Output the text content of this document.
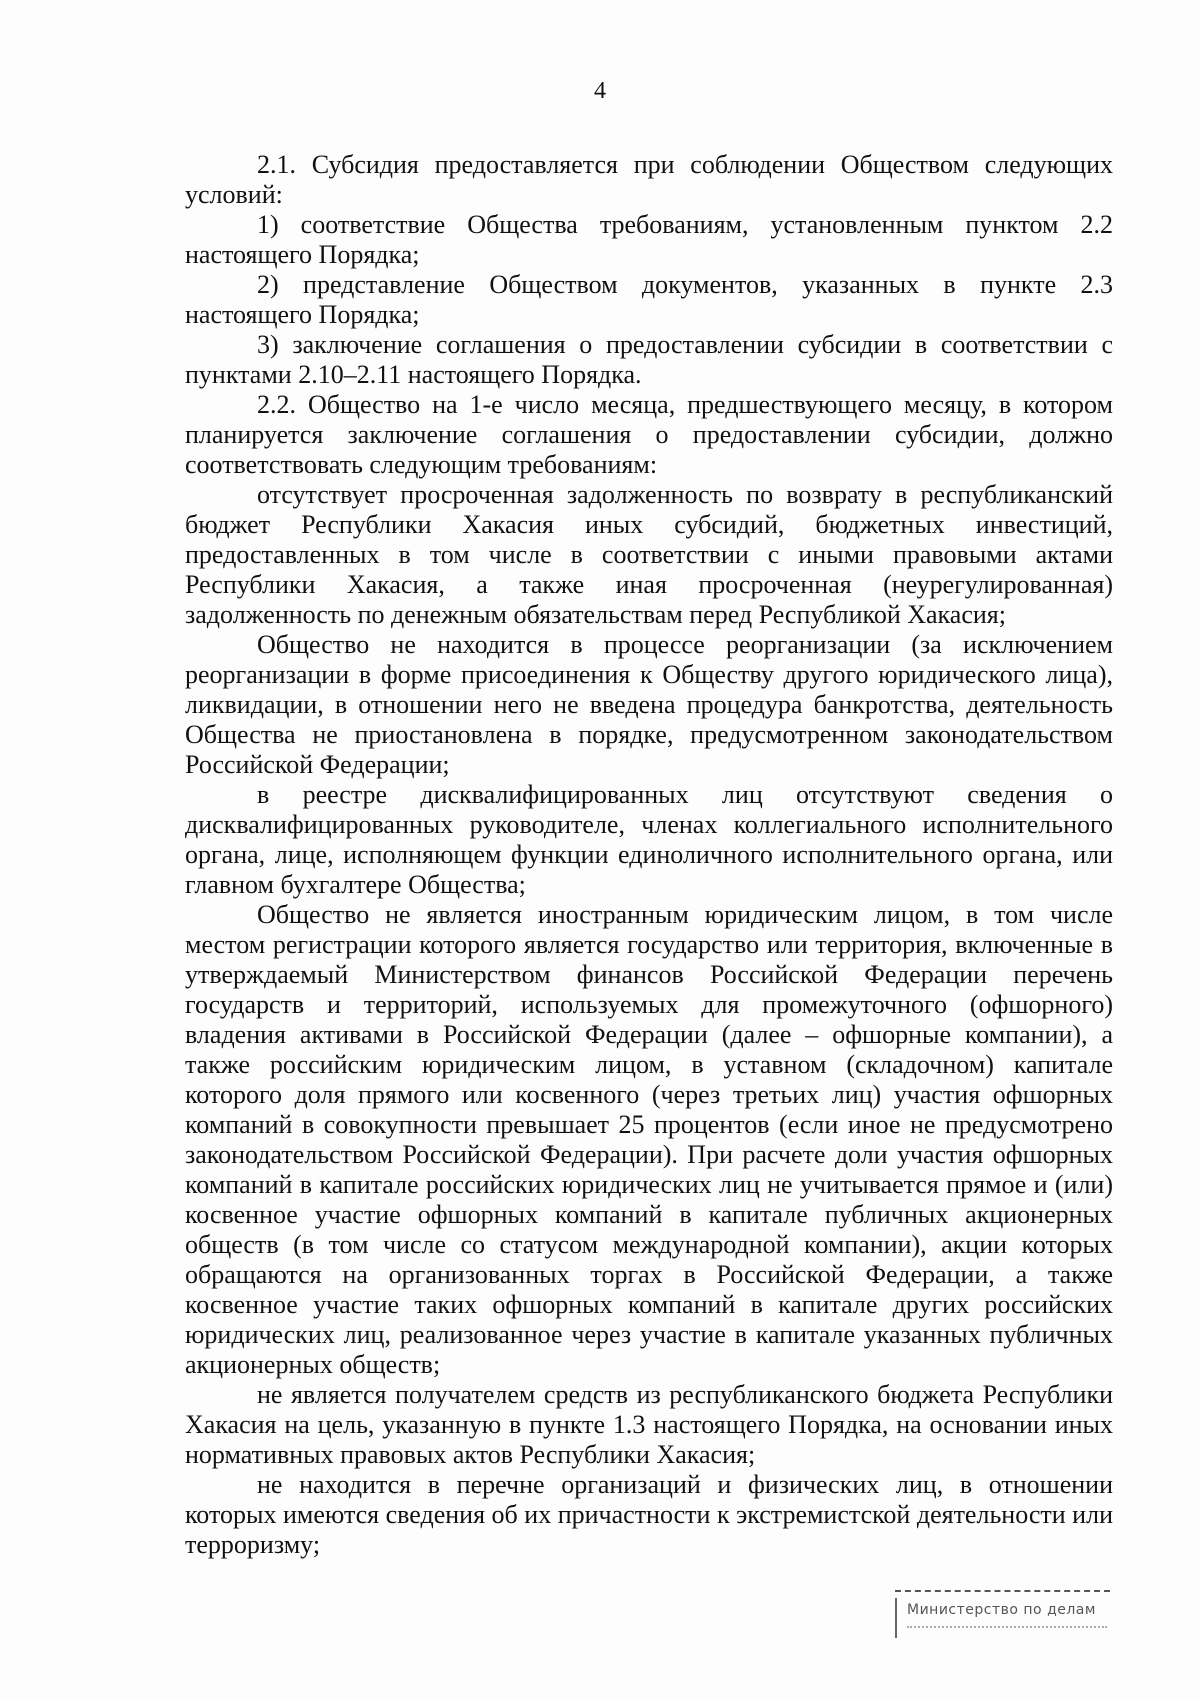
4

2.1. Субсидия предоставляется при соблюдении Обществом следующих условий:

1) соответствие Общества требованиям, установленным пунктом 2.2 настоящего Порядка;

2) представление Обществом документов, указанных в пункте 2.3 настоящего Порядка;

3) заключение соглашения о предоставлении субсидии в соответствии с пунктами 2.10–2.11 настоящего Порядка.

2.2. Общество на 1-е число месяца, предшествующего месяцу, в котором планируется заключение соглашения о предоставлении субсидии, должно соответствовать следующим требованиям:

отсутствует просроченная задолженность по возврату в республиканский бюджет Республики Хакасия иных субсидий, бюджетных инвестиций, предоставленных в том числе в соответствии с иными правовыми актами Республики Хакасия, а также иная просроченная (неурегулированная) задолженность по денежным обязательствам перед Республикой Хакасия;

Общество не находится в процессе реорганизации (за исключением реорганизации в форме присоединения к Обществу другого юридического лица), ликвидации, в отношении него не введена процедура банкротства, деятельность Общества не приостановлена в порядке, предусмотренном законодательством Российской Федерации;

в реестре дисквалифицированных лиц отсутствуют сведения о дисквалифицированных руководителе, членах коллегиального исполнительного органа, лице, исполняющем функции единоличного исполнительного органа, или главном бухгалтере Общества;

Общество не является иностранным юридическим лицом, в том числе местом регистрации которого является государство или территория, включенные в утверждаемый Министерством финансов Российской Федерации перечень государств и территорий, используемых для промежуточного (офшорного) владения активами в Российской Федерации (далее – офшорные компании), а также российским юридическим лицом, в уставном (складочном) капитале которого доля прямого или косвенного (через третьих лиц) участия офшорных компаний в совокупности превышает 25 процентов (если иное не предусмотрено законодательством Российской Федерации). При расчете доли участия офшорных компаний в капитале российских юридических лиц не учитывается прямое и (или) косвенное участие офшорных компаний в капитале публичных акционерных обществ (в том числе со статусом международной компании), акции которых обращаются на организованных торгах в Российской Федерации, а также косвенное участие таких офшорных компаний в капитале других российских юридических лиц, реализованное через участие в капитале указанных публичных акционерных обществ;

не является получателем средств из республиканского бюджета Республики Хакасия на цель, указанную в пункте 1.3 настоящего Порядка, на основании иных нормативных правовых актов Республики Хакасия;

не находится в перечне организаций и физических лиц, в отношении которых имеются сведения об их причастности к экстремистской деятельности или терроризму;

Министерство по делам
